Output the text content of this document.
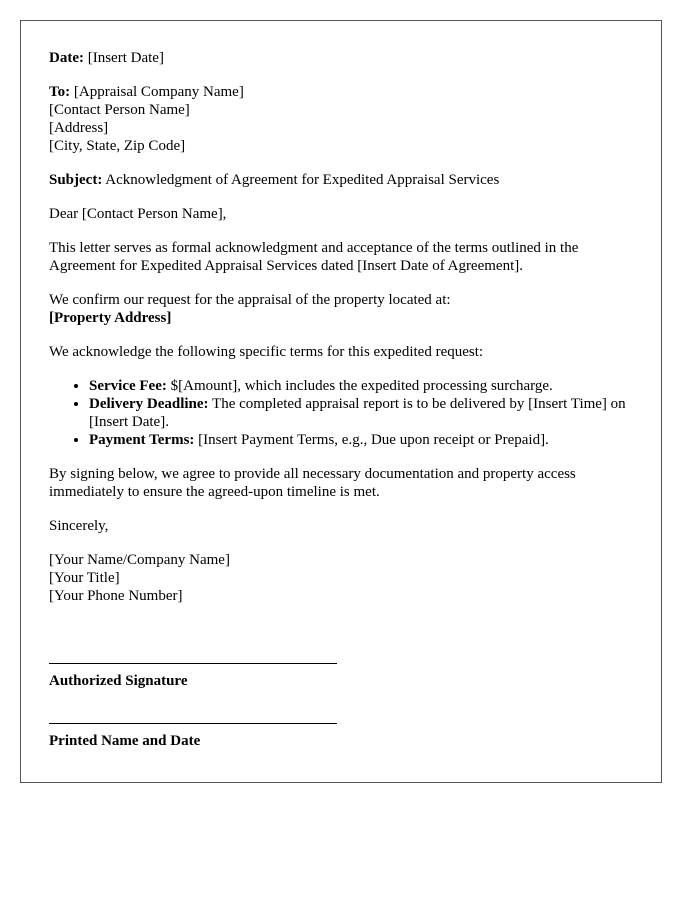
Date: [Insert Date]

To: [Appraisal Company Name]
[Contact Person Name]
[Address]
[City, State, Zip Code]

Subject: Acknowledgment of Agreement for Expedited Appraisal Services

Dear [Contact Person Name],

This letter serves as formal acknowledgment and acceptance of the terms outlined in the Agreement for Expedited Appraisal Services dated [Insert Date of Agreement].

We confirm our request for the appraisal of the property located at:
[Property Address]

We acknowledge the following specific terms for this expedited request:

• Service Fee: $[Amount], which includes the expedited processing surcharge.
• Delivery Deadline: The completed appraisal report is to be delivered by [Insert Time] on [Insert Date].
• Payment Terms: [Insert Payment Terms, e.g., Due upon receipt or Prepaid].

By signing below, we agree to provide all necessary documentation and property access immediately to ensure the agreed-upon timeline is met.

Sincerely,

[Your Name/Company Name]
[Your Title]
[Your Phone Number]

Authorized Signature

Printed Name and Date
